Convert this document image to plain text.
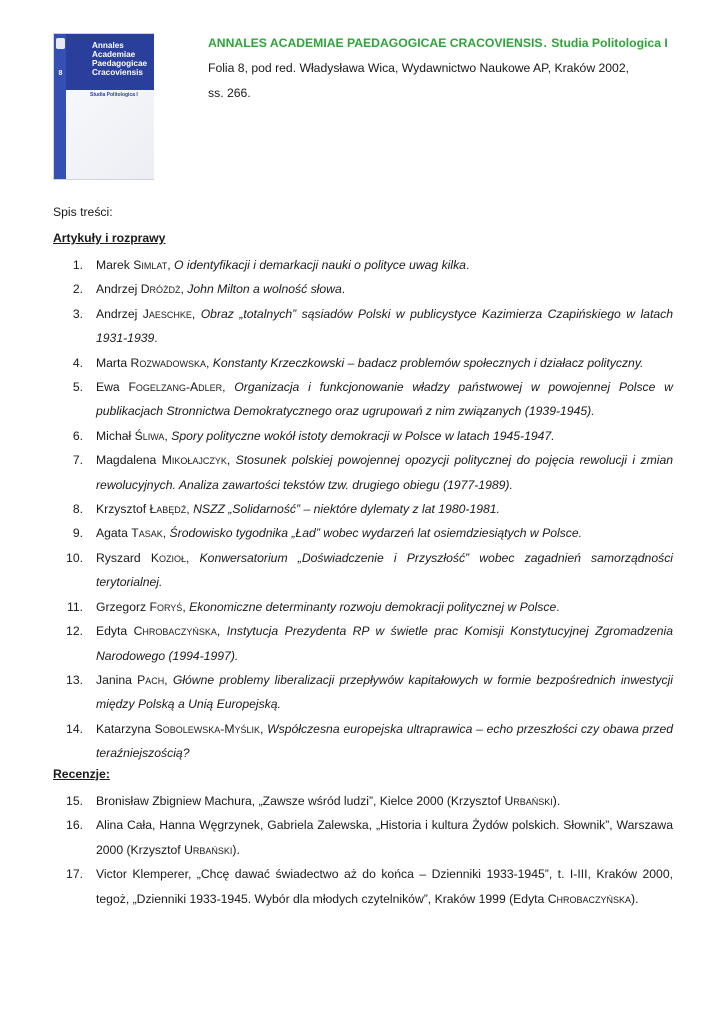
8
Annales
Academiae
Paedagogicae
Cracoviensis
Studia Politologica I
ANNALES ACADEMIAE PAEDAGOGICAE CRACOVIENSIS. Studia Politologica I
Folia 8, pod red. Władysława Wica, Wydawnictwo Naukowe AP, Kraków 2002,
ss. 266.
Spis treści:
Artykuły i rozprawy
1. Marek Simlat, O identyfikacji i demarkacji nauki o polityce uwag kilka.
2. Andrzej Dróżdż, John Milton a wolność słowa.
3. Andrzej Jaeschke, Obraz „totalnych” sąsiadów Polski w publicystyce Kazimierza Czapińskiego w latach 1931-1939.
4. Marta Rozwadowska, Konstanty Krzeczkowski – badacz problemów społecznych i działacz polityczny.
5. Ewa Fogelzang-Adler, Organizacja i funkcjonowanie władzy państwowej w powojennej Polsce w publikacjach Stronnictwa Demokratycznego oraz ugrupowań z nim związanych (1939-1945).
6. Michał Śliwa, Spory polityczne wokół istoty demokracji w Polsce w latach 1945-1947.
7. Magdalena Mikołajczyk, Stosunek polskiej powojennej opozycji politycznej do pojęcia rewolucji i zmian rewolucyjnych. Analiza zawartości tekstów tzw. drugiego obiegu (1977-1989).
8. Krzysztof Łabędź, NSZZ „Solidarność” – niektóre dylematy z lat 1980-1981.
9. Agata Tasak, Środowisko tygodnika „Ład” wobec wydarzeń lat osiemdziesiątych w Polsce.
10. Ryszard Kozioł, Konwersatorium „Doświadczenie i Przyszłość” wobec zagadnień samorządności terytorialnej.
11. Grzegorz Foryś, Ekonomiczne determinanty rozwoju demokracji politycznej w Polsce.
12. Edyta Chrobaczyńska, Instytucja Prezydenta RP w świetle prac Komisji Konstytucyjnej Zgromadzenia Narodowego (1994-1997).
13. Janina Pach, Główne problemy liberalizacji przepływów kapitałowych w formie bezpośrednich inwestycji między Polską a Unią Europejską.
14. Katarzyna Sobolewska-Myślik, Współczesna europejska ultraprawica – echo przeszłości czy obawa przed teraźniejszością?
Recenzje:
15. Bronisław Zbigniew Machura, „Zawsze wśród ludzi”, Kielce 2000 (Krzysztof Urbański).
16. Alina Cała, Hanna Węgrzynek, Gabriela Zalewska, „Historia i kultura Żydów polskich. Słownik”, Warszawa 2000 (Krzysztof Urbański).
17. Victor Klemperer, „Chcę dawać świadectwo aż do końca – Dzienniki 1933-1945”, t. I-III, Kraków 2000, tegoż, „Dzienniki 1933-1945. Wybór dla młodych czytelników”, Kraków 1999 (Edyta Chrobaczyńska).
